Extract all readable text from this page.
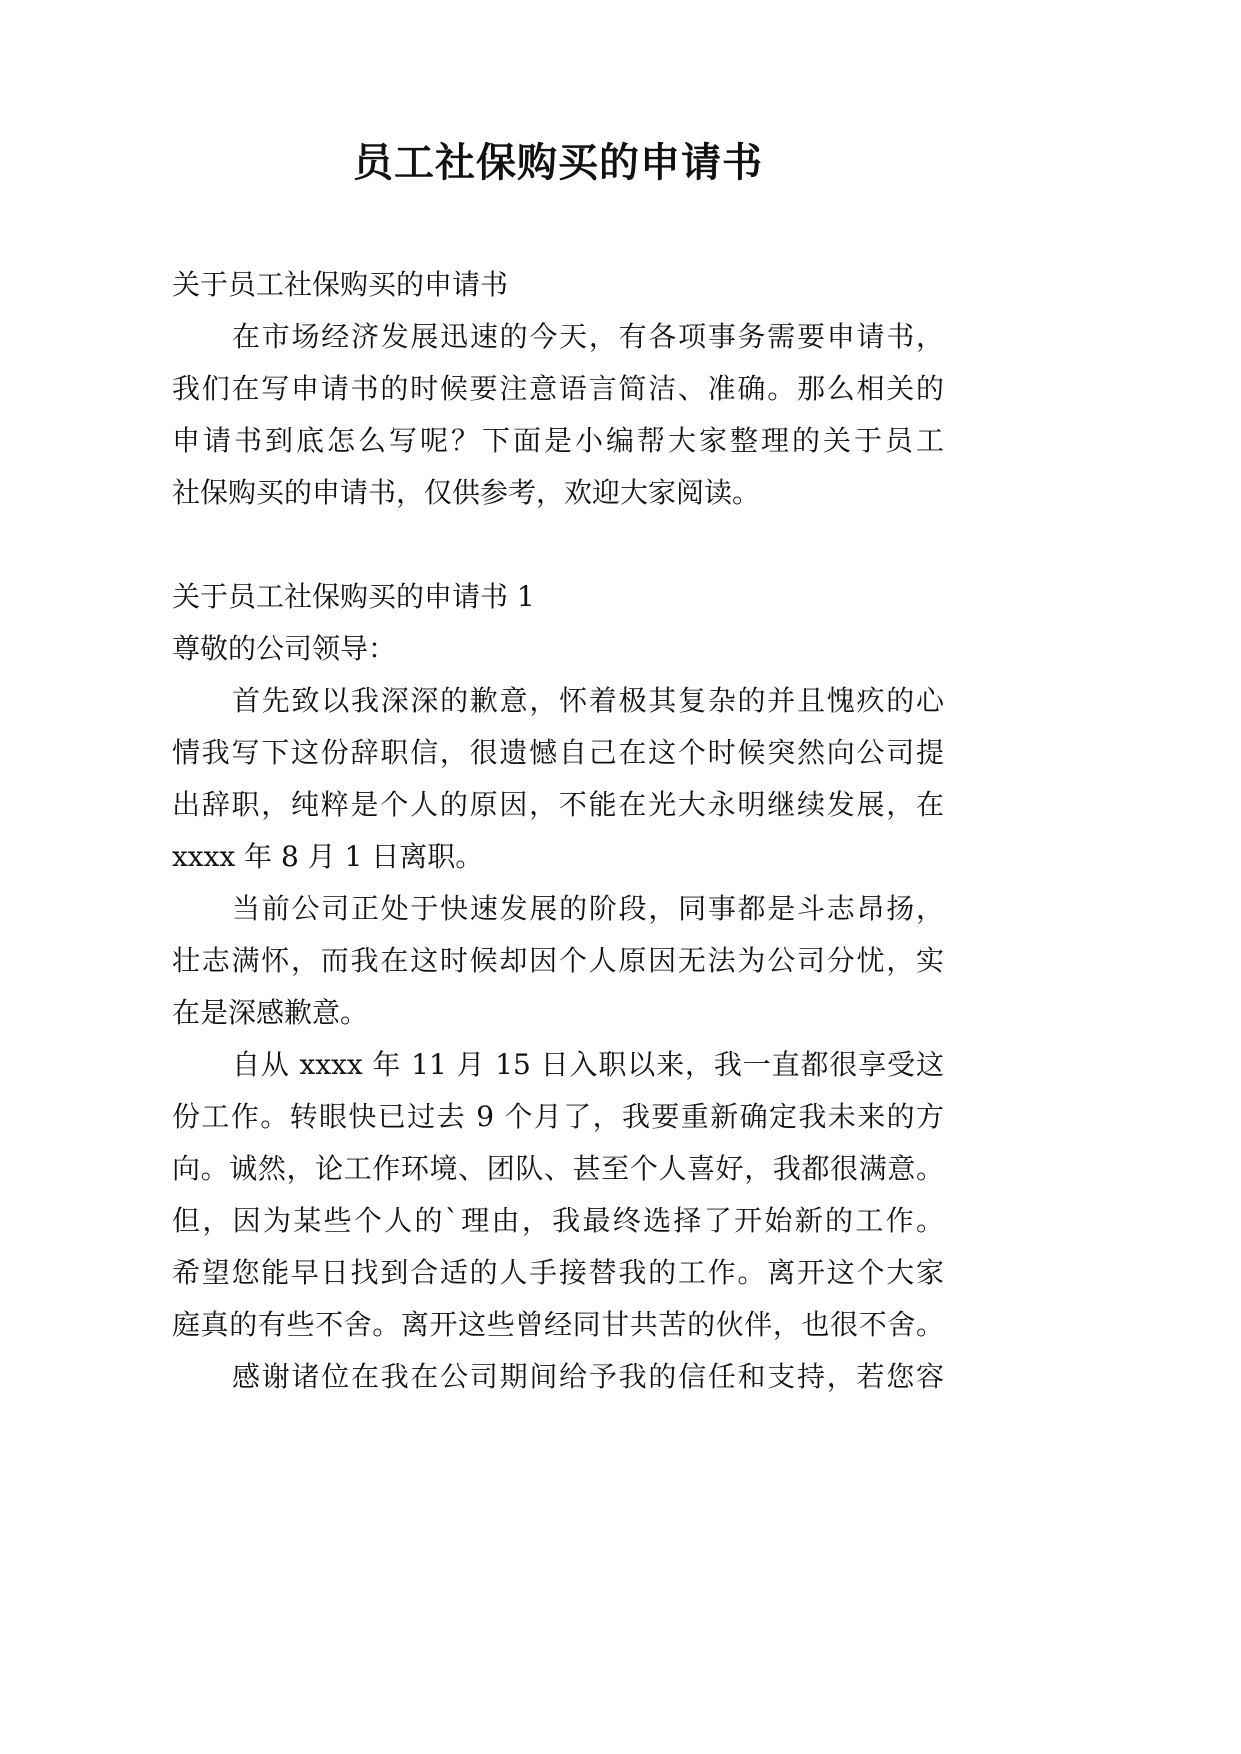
员工社保购买的申请书
关于员工社保购买的申请书
在市场经济发展迅速的今天，有各项事务需要申请书，
我们在写申请书的时候要注意语言简洁、准确。那么相关的
申请书到底怎么写呢？下面是小编帮大家整理的关于员工
社保购买的申请书，仅供参考，欢迎大家阅读。
关于员工社保购买的申请书 1
尊敬的公司领导：
首先致以我深深的歉意，怀着极其复杂的并且愧疚的心
情我写下这份辞职信，很遗憾自己在这个时候突然向公司提
出辞职，纯粹是个人的原因，不能在光大永明继续发展，在
xxxx 年 8 月 1 日离职。
当前公司正处于快速发展的阶段，同事都是斗志昂扬，
壮志满怀，而我在这时候却因个人原因无法为公司分忧，实
在是深感歉意。
自从 xxxx 年 11 月 15 日入职以来，我一直都很享受这
份工作。转眼快已过去 9 个月了，我要重新确定我未来的方
向。诚然，论工作环境、团队、甚至个人喜好，我都很满意。
但，因为某些个人的`理由，我最终选择了开始新的工作。
希望您能早日找到合适的人手接替我的工作。离开这个大家
庭真的有些不舍。离开这些曾经同甘共苦的伙伴，也很不舍。
感谢诸位在我在公司期间给予我的信任和支持，若您容
